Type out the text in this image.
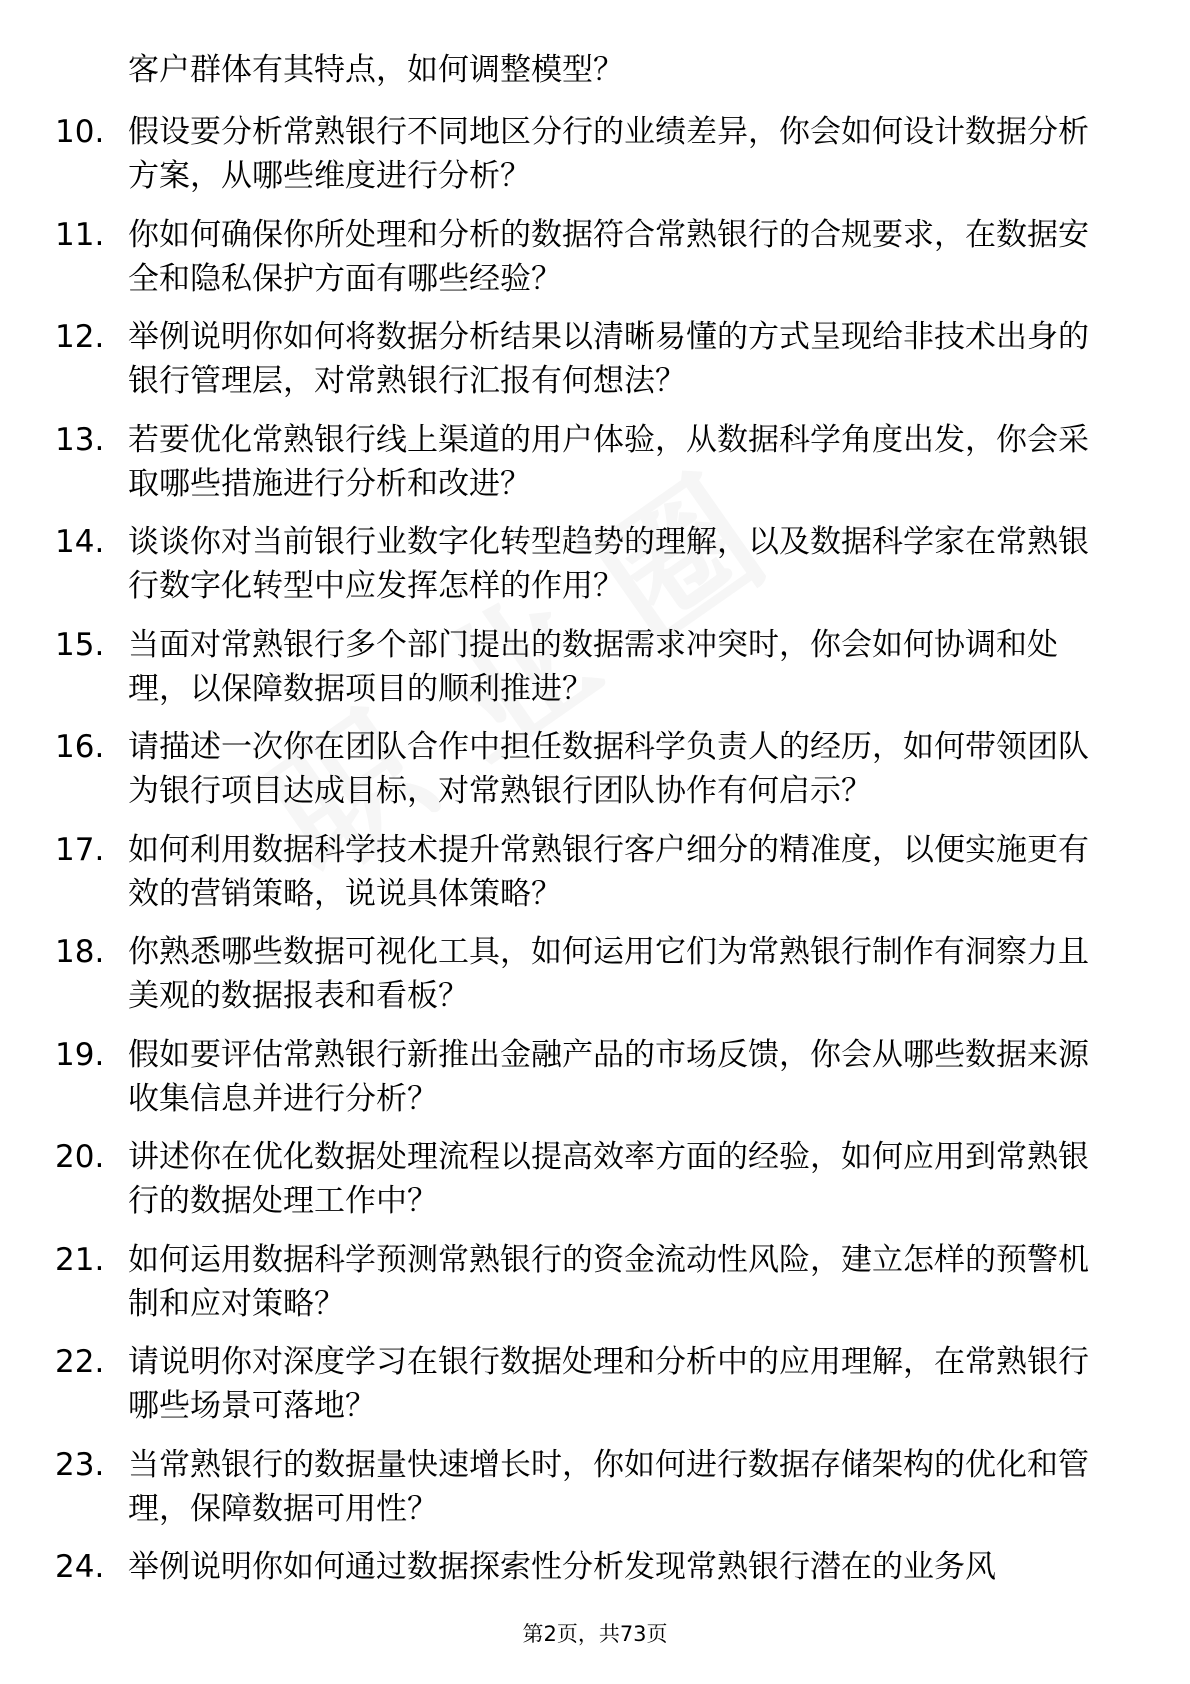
客户群体有其特点，如何调整模型？
10. 假设要分析常熟银行不同地区分行的业绩差异，你会如何设计数据分析方案，从哪些维度进行分析？
11. 你如何确保你所处理和分析的数据符合常熟银行的合规要求，在数据安全和隐私保护方面有哪些经验？
12. 举例说明你如何将数据分析结果以清晰易懂的方式呈现给非技术出身的银行管理层，对常熟银行汇报有何想法？
13. 若要优化常熟银行线上渠道的用户体验，从数据科学角度出发，你会采取哪些措施进行分析和改进？
14. 谈谈你对当前银行业数字化转型趋势的理解，以及数据科学家在常熟银行数字化转型中应发挥怎样的作用？
15. 当面对常熟银行多个部门提出的数据需求冲突时，你会如何协调和处理，以保障数据项目的顺利推进？
16. 请描述一次你在团队合作中担任数据科学负责人的经历，如何带领团队为银行项目达成目标，对常熟银行团队协作有何启示？
17. 如何利用数据科学技术提升常熟银行客户细分的精准度，以便实施更有效的营销策略，说说具体策略？
18. 你熟悉哪些数据可视化工具，如何运用它们为常熟银行制作有洞察力且美观的数据报表和看板？
19. 假如要评估常熟银行新推出金融产品的市场反馈，你会从哪些数据来源收集信息并进行分析？
20. 讲述你在优化数据处理流程以提高效率方面的经验，如何应用到常熟银行的数据处理工作中？
21. 如何运用数据科学预测常熟银行的资金流动性风险，建立怎样的预警机制和应对策略？
22. 请说明你对深度学习在银行数据处理和分析中的应用理解，在常熟银行哪些场景可落地？
23. 当常熟银行的数据量快速增长时，你如何进行数据存储架构的优化和管理，保障数据可用性？
24. 举例说明你如何通过数据探索性分析发现常熟银行潜在的业务风
第2页，共73页
